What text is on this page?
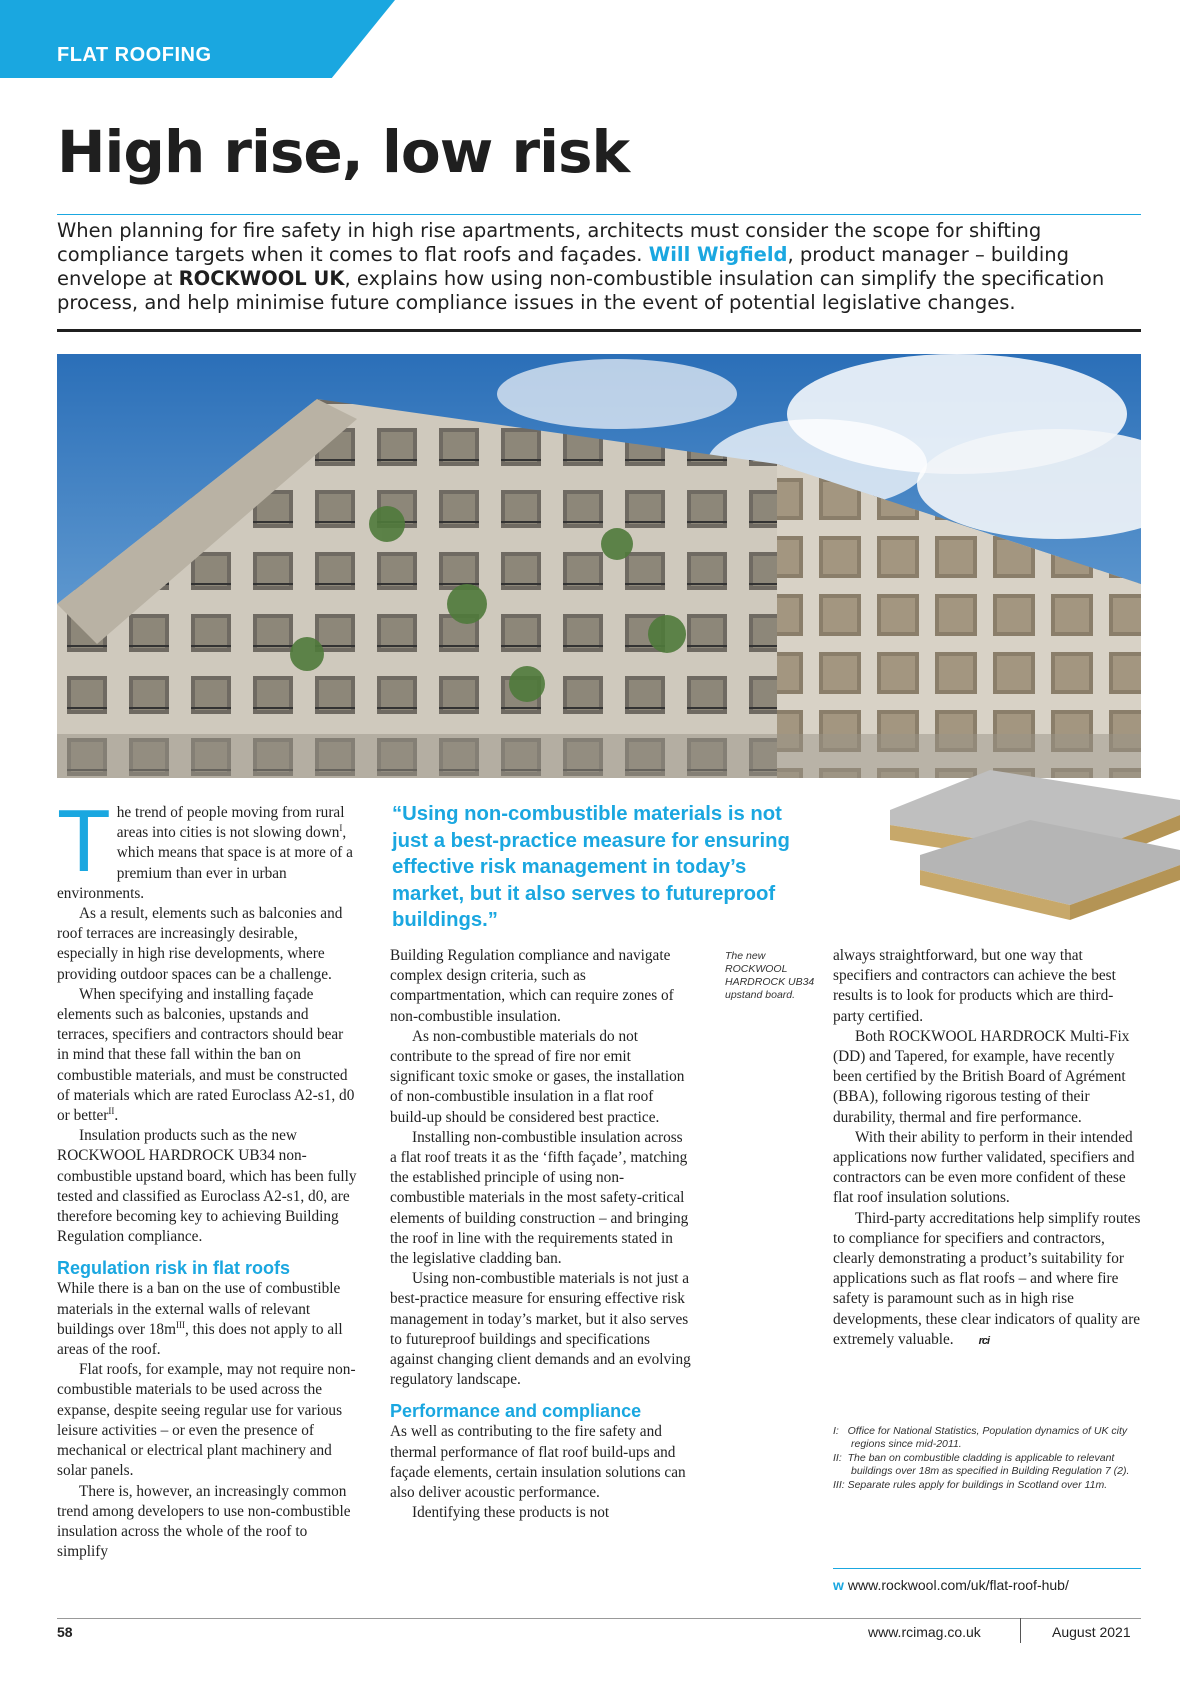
FLAT ROOFING
High rise, low risk
When planning for fire safety in high rise apartments, architects must consider the scope for shifting compliance targets when it comes to flat roofs and façades. Will Wigfield, product manager – building envelope at ROCKWOOL UK, explains how using non-combustible insulation can simplify the specification process, and help minimise future compliance issues in the event of potential legislative changes.

The trend of people moving from rural areas into cities is not slowing down$^I$, which means that space is at more of a premium than ever in urban environments.

As a result, elements such as balconies and roof terraces are increasingly desirable, especially in high rise developments, where providing outdoor spaces can be a challenge.

When specifying and installing façade elements such as balconies, upstands and terraces, specifiers and contractors should bear in mind that these fall within the ban on combustible materials, and must be constructed of materials which are rated Euroclass A2-s1, d0 or better$^{II}$.

Insulation products such as the new ROCKWOOL HARDROCK UB34 non-combustible upstand board, which has been fully tested and classified as Euroclass A2-s1, d0, are therefore becoming key to achieving Building Regulation compliance.

Regulation risk in flat roofs

While there is a ban on the use of combustible materials in the external walls of relevant buildings over $18m^{III}$, this does not apply to all areas of the roof.

Flat roofs, for example, may not require non-combustible materials to be used across the expanse, despite seeing regular use for various leisure activities – or even the presence of mechanical or electrical plant machinery and solar panels.

There is, however, an increasingly common trend among developers to use non-combustible insulation across the whole of the roof to simplify

“Using non-combustible materials is not just a best-practice measure for ensuring effective risk management in today’s market, but it also serves to futureproof buildings.”

Building Regulation compliance and navigate complex design criteria, such as compartmentation, which can require zones of non-combustible insulation.

As non-combustible materials do not contribute to the spread of fire nor emit significant toxic smoke or gases, the installation of non-combustible insulation in a flat roof build-up should be considered best practice.

Installing non-combustible insulation across a flat roof treats it as the ‘fifth façade’, matching the established principle of using non-combustible materials in the most safety-critical elements of building construction – and bringing the roof in line with the requirements stated in the legislative cladding ban.

Using non-combustible materials is not just a best-practice measure for ensuring effective risk management in today’s market, but it also serves to futureproof buildings and specifications against changing client demands and an evolving regulatory landscape.

Performance and compliance

As well as contributing to the fire safety and thermal performance of flat roof build-ups and façade elements, certain insulation solutions can also deliver acoustic performance.

Identifying these products is not

The new ROCKWOOL HARDROCK UB34 upstand board.

always straightforward, but one way that specifiers and contractors can achieve the best results is to look for products which are third-party certified.

Both ROCKWOOL HARDROCK Multi-Fix (DD) and Tapered, for example, have recently been certified by the British Board of Agrément (BBA), following rigorous testing of their durability, thermal and fire performance.

With their ability to perform in their intended applications now further validated, specifiers and contractors can be even more confident of these flat roof insulation solutions.

Third-party accreditations help simplify routes to compliance for specifiers and contractors, clearly demonstrating a product’s suitability for applications such as flat roofs – and where fire safety is paramount such as in high rise developments, these clear indicators of quality are extremely valuable. rci

I:   Office for National Statistics, Population dynamics of UK city regions since mid-2011.
II:  The ban on combustible cladding is applicable to relevant buildings over 18m as specified in Building Regulation 7 (2).
III: Separate rules apply for buildings in Scotland over 11m.
w www.rockwool.com/uk/flat-roof-hub/
58	www.rcimag.co.uk	August 2021
